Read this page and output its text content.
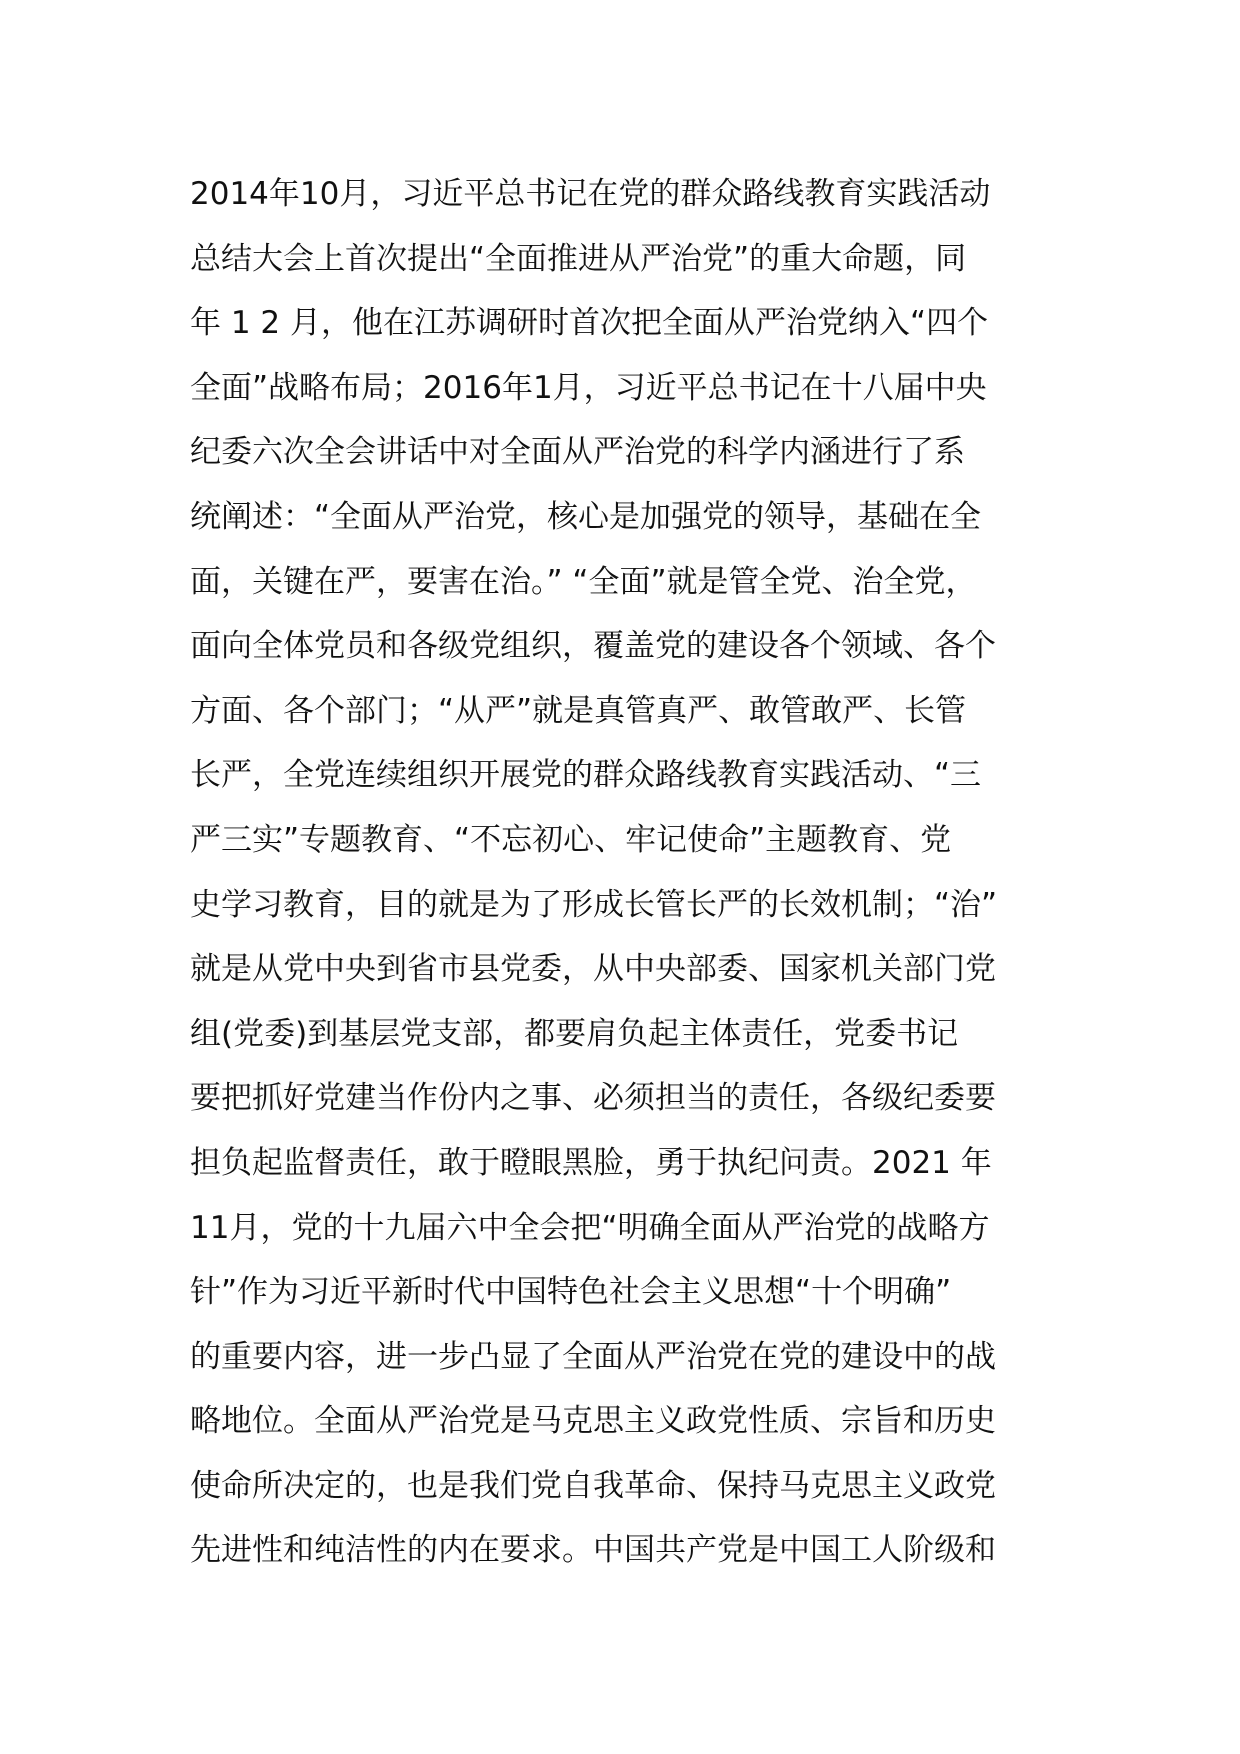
2014年10月，习近平总书记在党的群众路线教育实践活动
总结大会上首次提出“全面推进从严治党”的重大命题，同
年 1 2 月，他在江苏调研时首次把全面从严治党纳入“四个
全面”战略布局；2016年1月，习近平总书记在十八届中央
纪委六次全会讲话中对全面从严治党的科学内涵进行了系
统阐述：“全面从严治党，核心是加强党的领导，基础在全
面，关键在严，要害在治。” “全面”就是管全党、治全党，
面向全体党员和各级党组织，覆盖党的建设各个领域、各个
方面、各个部门；“从严”就是真管真严、敢管敢严、长管
长严，全党连续组织开展党的群众路线教育实践活动、“三
严三实”专题教育、“不忘初心、牢记使命”主题教育、党
史学习教育，目的就是为了形成长管长严的长效机制；“治”
就是从党中央到省市县党委，从中央部委、国家机关部门党
组(党委)到基层党支部，都要肩负起主体责任，党委书记
要把抓好党建当作份内之事、必须担当的责任，各级纪委要
担负起监督责任，敢于瞪眼黑脸，勇于执纪问责。2021 年
11月，党的十九届六中全会把“明确全面从严治党的战略方
针”作为习近平新时代中国特色社会主义思想“十个明确”
的重要内容，进一步凸显了全面从严治党在党的建设中的战
略地位。全面从严治党是马克思主义政党性质、宗旨和历史
使命所决定的，也是我们党自我革命、保持马克思主义政党
先进性和纯洁性的内在要求。中国共产党是中国工人阶级和
